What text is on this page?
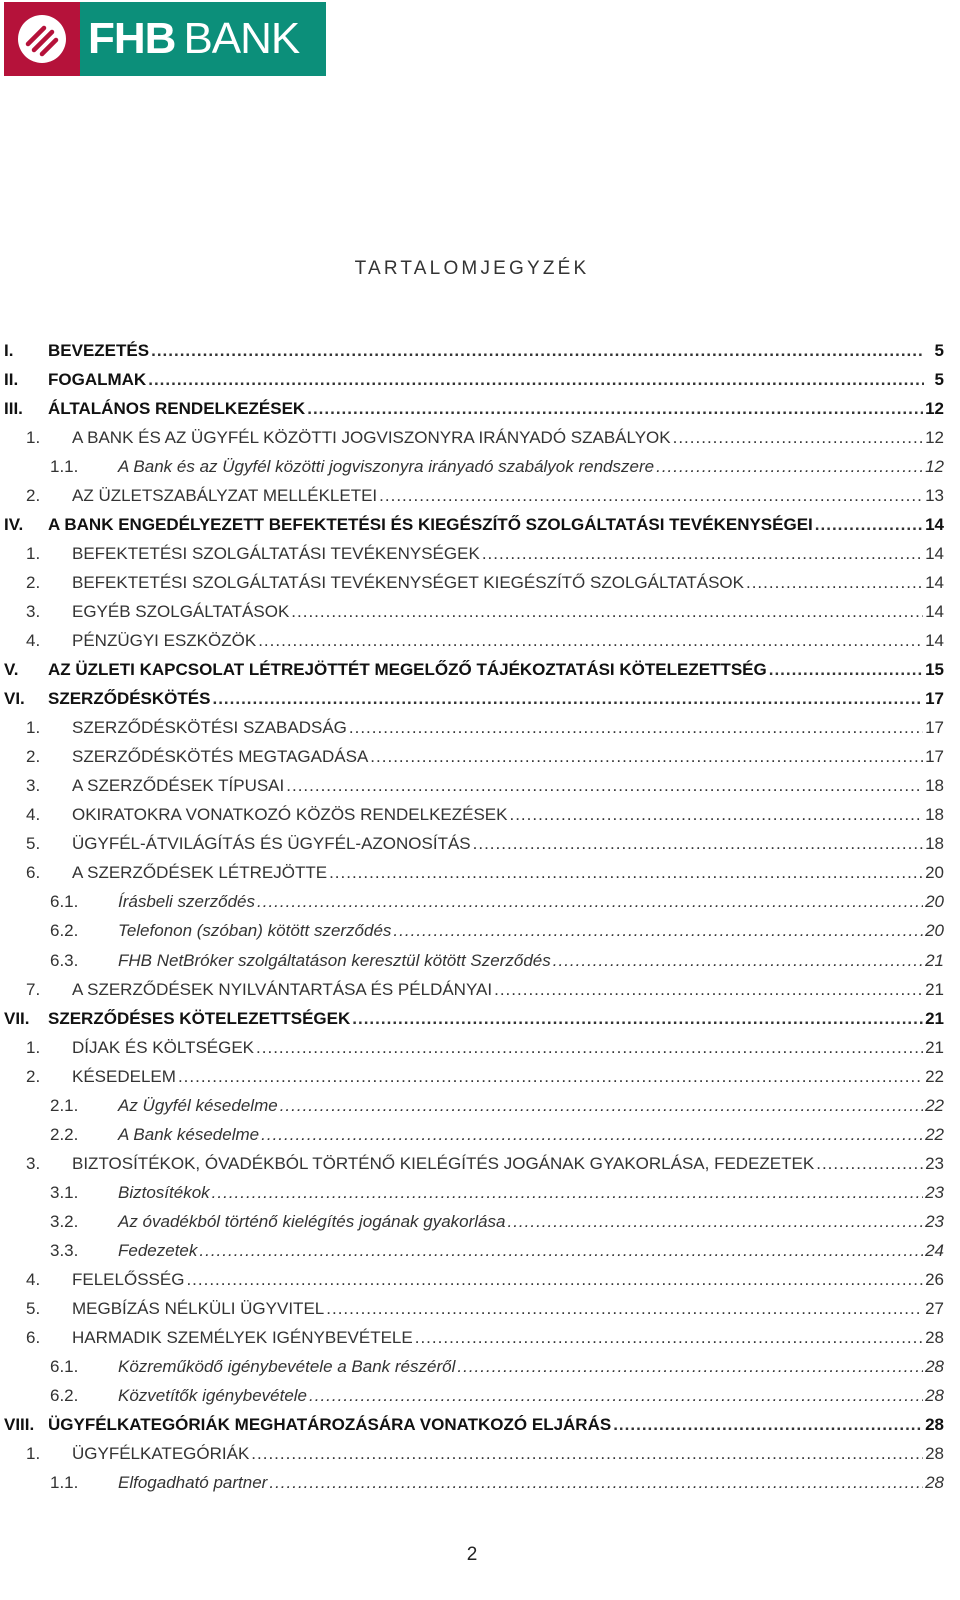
FHB BANK
TARTALOMJEGYZÉK
I. BEVEZETÉS .....	5
II. FOGALMAK .....	5
III. ÁLTALÁNOS RENDELKEZÉSEK .....	12
1. A BANK ÉS AZ ÜGYFÉL KÖZÖTTI JOGVISZONYRA IRÁNYADÓ SZABÁLYOK .....	12
1.1. A Bank és az Ügyfél közötti jogviszonyra irányadó szabályok rendszere .....	12
2. AZ ÜZLETSZABÁLYZAT MELLÉKLETEI .....	13
IV. A BANK ENGEDÉLYEZETT BEFEKTETÉSI ÉS KIEGÉSZÍTŐ SZOLGÁLTATÁSI TEVÉKENYSÉGEI .....	14
1. BEFEKTETÉSI SZOLGÁLTATÁSI TEVÉKENYSÉGEK .....	14
2. BEFEKTETÉSI SZOLGÁLTATÁSI TEVÉKENYSÉGET KIEGÉSZÍTŐ SZOLGÁLTATÁSOK .....	14
3. EGYÉB SZOLGÁLTATÁSOK .....	14
4. PÉNZÜGYI ESZKÖZÖK .....	14
V. AZ ÜZLETI KAPCSOLAT LÉTREJÖTTÉT MEGELŐZŐ TÁJÉKOZTATÁSI KÖTELEZETTSÉG .....	15
VI. SZERZŐDÉSKÖTÉS .....	17
1. SZERZŐDÉSKÖTÉSI SZABADSÁG .....	17
2. SZERZŐDÉSKÖTÉS MEGTAGADÁSA .....	17
3. A SZERZŐDÉSEK TÍPUSAI .....	18
4. OKIRATOKRA VONATKOZÓ KÖZÖS RENDELKEZÉSEK .....	18
5. ÜGYFÉL-ÁTVILÁGÍTÁS ÉS ÜGYFÉL-AZONOSÍTÁS .....	18
6. A SZERZŐDÉSEK LÉTREJÖTTE .....	20
6.1. Írásbeli szerződés .....	20
6.2. Telefonon (szóban) kötött szerződés .....	20
6.3. FHB NetBróker szolgáltatáson keresztül kötött Szerződés .....	21
7. A SZERZŐDÉSEK NYILVÁNTARTÁSA ÉS PÉLDÁNYAI .....	21
VII. SZERZŐDÉSES KÖTELEZETTSÉGEK .....	21
1. DÍJAK ÉS KÖLTSÉGEK .....	21
2. KÉSEDELEM .....	22
2.1. Az Ügyfél késedelme .....	22
2.2. A Bank késedelme .....	22
3. BIZTOSÍTÉKOK, ÓVADÉKBÓL TÖRTÉNŐ KIELÉGÍTÉS JOGÁNAK GYAKORLÁSA, FEDEZETEK .....	23
3.1. Biztosítékok .....	23
3.2. Az óvadékból történő kielégítés jogának gyakorlása .....	23
3.3. Fedezetek .....	24
4. FELELŐSSÉG .....	26
5. MEGBÍZÁS NÉLKÜLI ÜGYVITEL .....	27
6. HARMADIK SZEMÉLYEK IGÉNYBEVÉTELE .....	28
6.1. Közreműködő igénybevétele a Bank részéről .....	28
6.2. Közvetítők igénybevétele .....	28
VIII. ÜGYFÉLKATEGÓRIÁK MEGHATÁROZÁSÁRA VONATKOZÓ ELJÁRÁS .....	28
1. ÜGYFÉLKATEGÓRIÁK .....	28
1.1. Elfogadható partner .....	28
2
